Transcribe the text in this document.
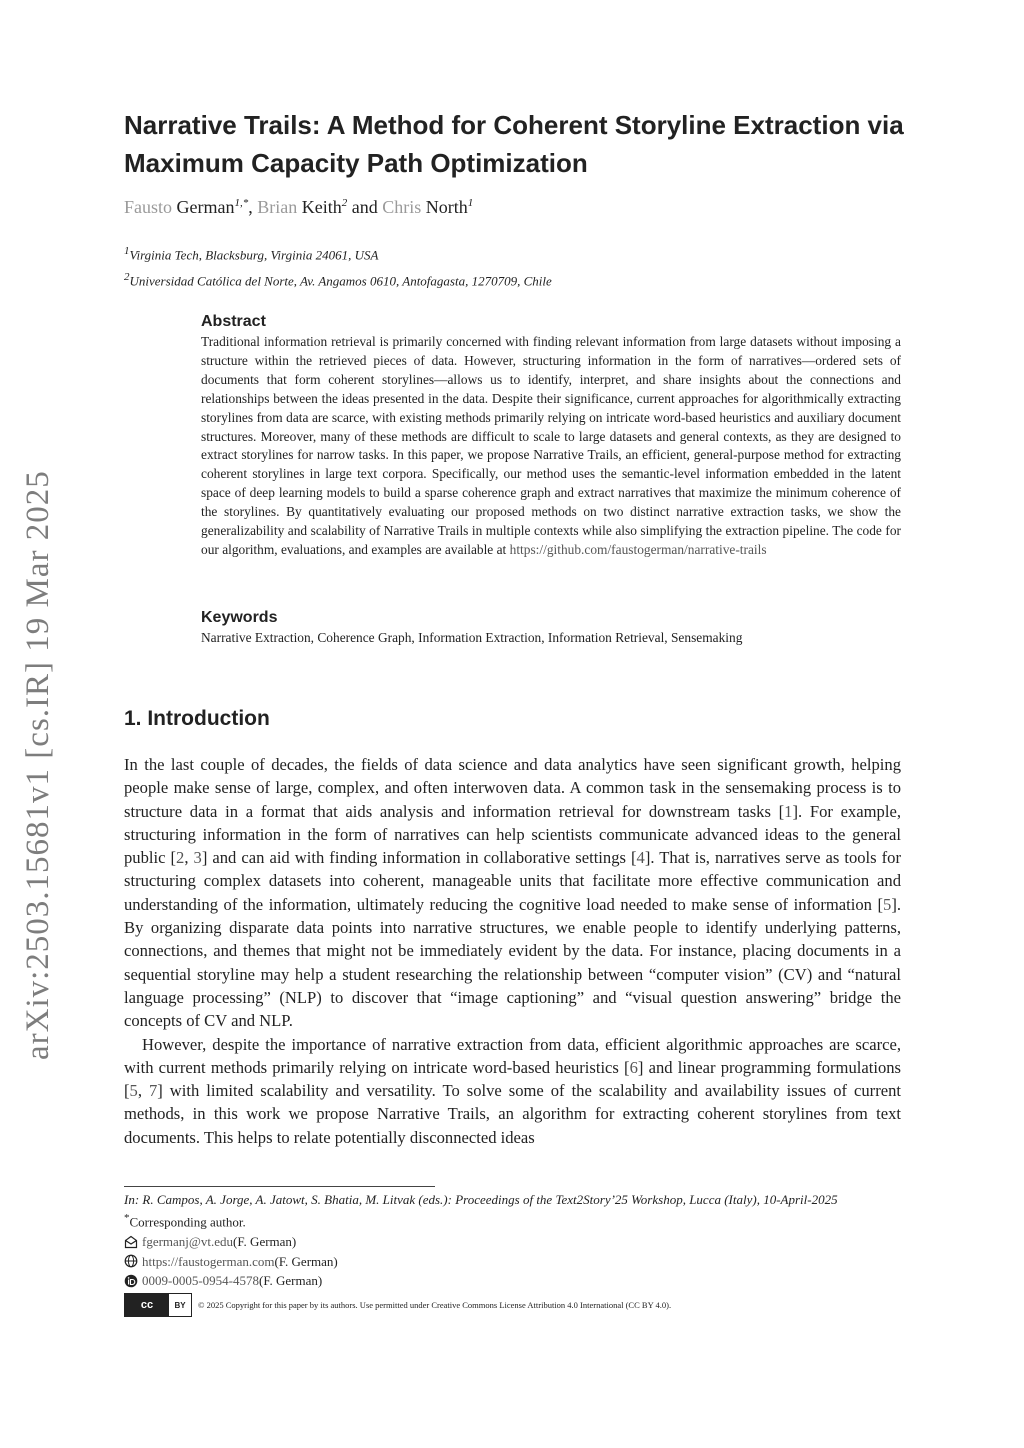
arXiv:2503.15681v1 [cs.IR] 19 Mar 2025
Narrative Trails: A Method for Coherent Storyline Extraction via Maximum Capacity Path Optimization
Fausto German$^{1,*}$, Brian Keith$^2$ and Chris North$^1$
$^1$Virginia Tech, Blacksburg, Virginia 24061, USA
$^2$Universidad Católica del Norte, Av. Angamos 0610, Antofagasta, 1270709, Chile
Abstract

Traditional information retrieval is primarily concerned with finding relevant information from large datasets without imposing a structure within the retrieved pieces of data. However, structuring information in the form of narratives—ordered sets of documents that form coherent storylines—allows us to identify, interpret, and share insights about the connections and relationships between the ideas presented in the data. Despite their significance, current approaches for algorithmically extracting storylines from data are scarce, with existing methods primarily relying on intricate word-based heuristics and auxiliary document structures. Moreover, many of these methods are difficult to scale to large datasets and general contexts, as they are designed to extract storylines for narrow tasks. In this paper, we propose Narrative Trails, an efficient, general-purpose method for extracting coherent storylines in large text corpora. Specifically, our method uses the semantic-level information embedded in the latent space of deep learning models to build a sparse coherence graph and extract narratives that maximize the minimum coherence of the storylines. By quantitatively evaluating our proposed methods on two distinct narrative extraction tasks, we show the generalizability and scalability of Narrative Trails in multiple contexts while also simplifying the extraction pipeline. The code for our algorithm, evaluations, and examples are available at https://github.com/faustogerman/narrative-trails

Keywords

Narrative Extraction, Coherence Graph, Information Extraction, Information Retrieval, Sensemaking

1. Introduction

In the last couple of decades, the fields of data science and data analytics have seen significant growth, helping people make sense of large, complex, and often interwoven data. A common task in the sensemaking process is to structure data in a format that aids analysis and information retrieval for downstream tasks [1]. For example, structuring information in the form of narratives can help scientists communicate advanced ideas to the general public [2, 3] and can aid with finding information in collaborative settings [4]. That is, narratives serve as tools for structuring complex datasets into coherent, manageable units that facilitate more effective communication and understanding of the information, ultimately reducing the cognitive load needed to make sense of information [5]. By organizing disparate data points into narrative structures, we enable people to identify underlying patterns, connections, and themes that might not be immediately evident by the data. For instance, placing documents in a sequential storyline may help a student researching the relationship between “computer vision” (CV) and “natural language processing” (NLP) to discover that “image captioning” and “visual question answering” bridge the concepts of CV and NLP.

However, despite the importance of narrative extraction from data, efficient algorithmic approaches are scarce, with current methods primarily relying on intricate word-based heuristics [6] and linear programming formulations [5, 7] with limited scalability and versatility. To solve some of the scalability and availability issues of current methods, in this work we propose Narrative Trails, an algorithm for extracting coherent storylines from text documents. This helps to relate potentially disconnected ideas

In: R. Campos, A. Jorge, A. Jatowt, S. Bhatia, M. Litvak (eds.): Proceedings of the Text2Story’25 Workshop, Lucca (Italy), 10-April-2025
*Corresponding author.
fgermanj@vt.edu (F. German)
https://faustogerman.com (F. German)
0009-0005-0954-4578 (F. German)
cc	BY	© 2025 Copyright for this paper by its authors. Use permitted under Creative Commons License Attribution 4.0 International (CC BY 4.0).
